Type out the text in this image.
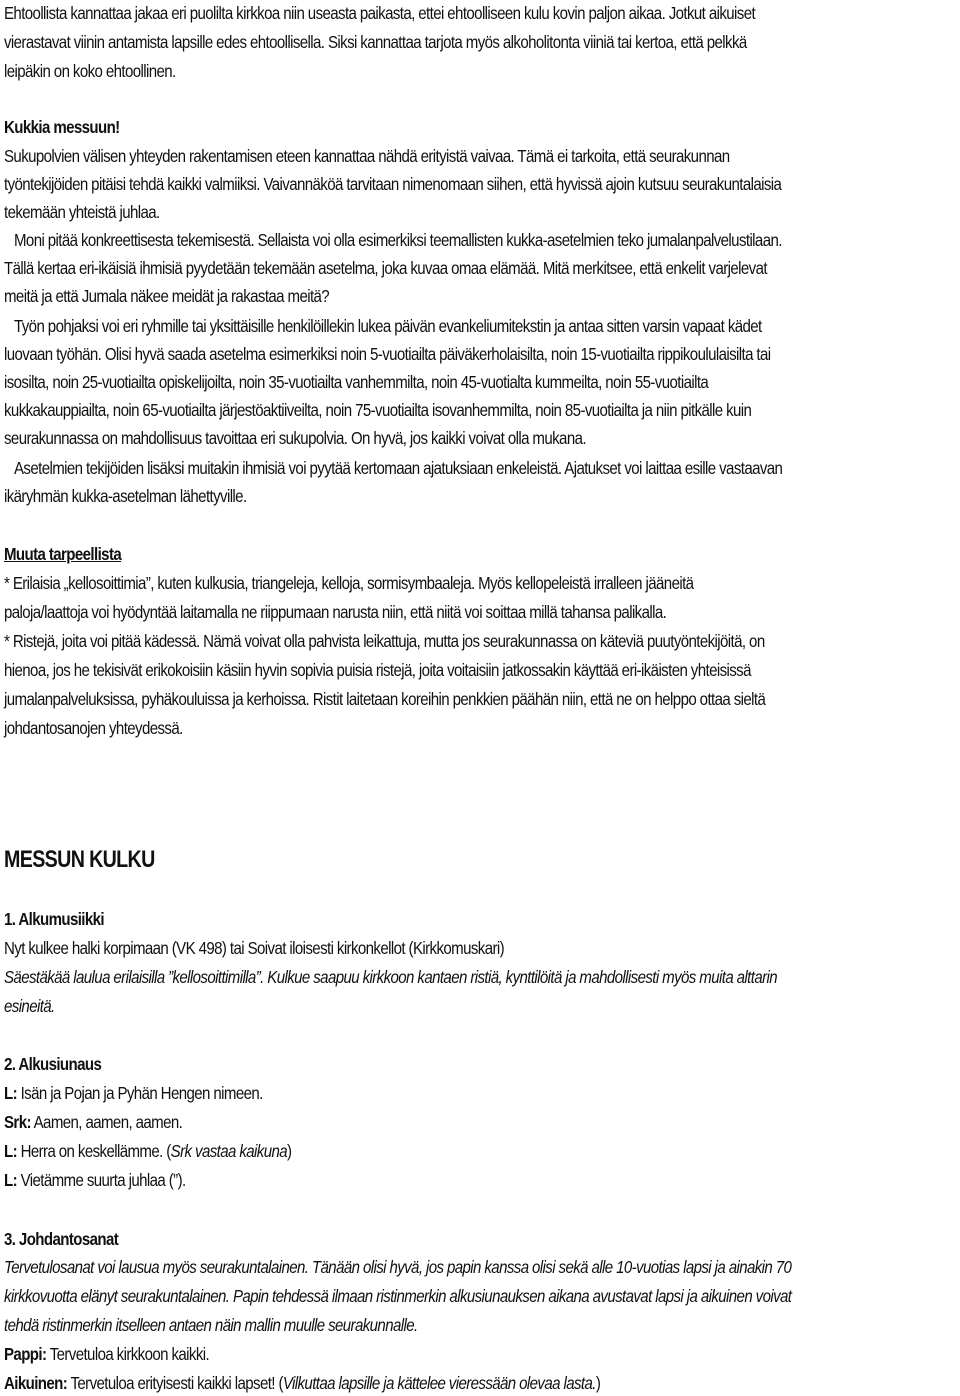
Ehtoollista kannattaa jakaa eri puolilta kirkkoa niin useasta paikasta, ettei ehtoolliseen kulu kovin paljon aikaa. Jotkut aikuiset
vierastavat viinin antamista lapsille edes ehtoollisella. Siksi kannattaa tarjota myös alkoholitonta viiniä tai kertoa, että pelkkä
leipäkin on koko ehtoollinen.
Kukkia messuun!
Sukupolvien välisen yhteyden rakentamisen eteen kannattaa nähdä erityistä vaivaa. Tämä ei tarkoita, että seurakunnan
työntekijöiden pitäisi tehdä kaikki valmiiksi. Vaivannäköä tarvitaan nimenomaan siihen, että hyvissä ajoin kutsuu seurakuntalaisia
tekemään yhteistä juhlaa.
Moni pitää konkreettisesta tekemisestä. Sellaista voi olla esimerkiksi teemallisten kukka-asetelmien teko jumalanpalvelustilaan.
Tällä kertaa eri-ikäisiä ihmisiä pyydetään tekemään asetelma, joka kuvaa omaa elämää. Mitä merkitsee, että enkelit varjelevat
meitä ja että Jumala näkee meidät ja rakastaa meitä?
Työn pohjaksi voi eri ryhmille tai yksittäisille henkilöillekin lukea päivän evankeliumitekstin ja antaa sitten varsin vapaat kädet
luovaan työhän. Olisi hyvä saada asetelma esimerkiksi noin 5-vuotiailta päiväkerholaisilta, noin 15-vuotiailta rippikoululaisilta tai
isosilta, noin 25-vuotiailta opiskelijoilta, noin 35-vuotiailta vanhemmilta, noin 45-vuotialta kummeilta, noin 55-vuotiailta
kukkakauppiailta, noin 65-vuotiailta järjestöaktiiveilta, noin 75-vuotiailta isovanhemmilta, noin 85-vuotiailta ja niin pitkälle kuin
seurakunnassa on mahdollisuus tavoittaa eri sukupolvia. On hyvä, jos kaikki voivat olla mukana.
Asetelmien tekijöiden lisäksi muitakin ihmisiä voi pyytää kertomaan ajatuksiaan enkeleistä. Ajatukset voi laittaa esille vastaavan
ikäryhmän kukka-asetelman lähettyville.
Muuta tarpeellista
* Erilaisia „kellosoittimia”, kuten kulkusia, triangeleja, kelloja, sormisymbaaleja. Myös kellopeleistä irralleen jääneitä
paloja/laattoja voi hyödyntää laitamalla ne riippumaan narusta niin, että niitä voi soittaa millä tahansa palikalla.
* Ristejä, joita voi pitää kädessä. Nämä voivat olla pahvista leikattuja, mutta jos seurakunnassa on käteviä puutyöntekijöitä, on
hienoa, jos he tekisivät erikokoisiin käsiin hyvin sopivia puisia ristejä, joita voitaisiin jatkossakin käyttää eri-ikäisten yhteisissä
jumalanpalveluksissa, pyhäkouluissa ja kerhoissa. Ristit laitetaan koreihin penkkien päähän niin, että ne on helppo ottaa sieltä
johdantosanojen yhteydessä.
MESSUN KULKU
1. Alkumusiikki
Nyt kulkee halki korpimaan (VK 498) tai Soivat iloisesti kirkonkellot (Kirkkomuskari)
Säestäkää laulua erilaisilla ”kellosoittimilla”. Kulkue saapuu kirkkoon kantaen ristiä, kynttilöitä ja mahdollisesti myös muita alttarin
esineitä.
2. Alkusiunaus
L: Isän ja Pojan ja Pyhän Hengen nimeen.
Srk: Aamen, aamen, aamen.
L: Herra on keskellämme. (Srk vastaa kaikuna)
L: Vietämme suurta juhlaa (”).
3. Johdantosanat
Tervetulosanat voi lausua myös seurakuntalainen. Tänään olisi hyvä, jos papin kanssa olisi sekä alle 10-vuotias lapsi ja ainakin 70
kirkkovuotta elänyt seurakuntalainen. Papin tehdessä ilmaan ristinmerkin alkusiunauksen aikana avustavat lapsi ja aikuinen voivat
tehdä ristinmerkin itselleen antaen näin mallin muulle seurakunnalle.
Pappi: Tervetuloa kirkkoon kaikki.
Aikuinen: Tervetuloa erityisesti kaikki lapset! (Vilkuttaa lapsille ja kättelee vieressään olevaa lasta.)
